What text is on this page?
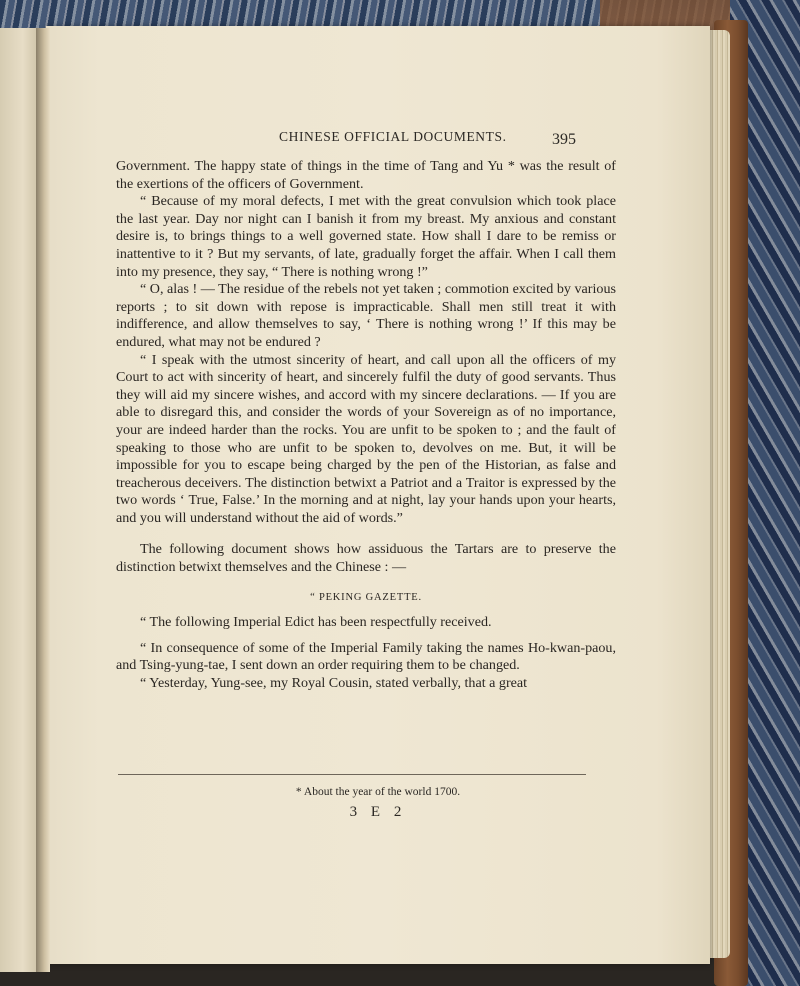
CHINESE OFFICIAL DOCUMENTS.	395

Government. The happy state of things in the time of Tang and Yu * was the result of the exertions of the officers of Government.

“ Because of my moral defects, I met with the great convulsion which took place the last year. Day nor night can I banish it from my breast. My anxious and constant desire is, to brings things to a well governed state. How shall I dare to be remiss or inattentive to it ? But my servants, of late, gradually forget the affair. When I call them into my presence, they say, “ There is nothing wrong !”

“ O, alas ! — The residue of the rebels not yet taken ; commotion excited by various reports ; to sit down with repose is impracticable. Shall men still treat it with indifference, and allow themselves to say, ‘ There is nothing wrong !’ If this may be endured, what may not be endured ?

“ I speak with the utmost sincerity of heart, and call upon all the officers of my Court to act with sincerity of heart, and sincerely fulfil the duty of good servants. Thus they will aid my sincere wishes, and accord with my sincere declarations. — If you are able to disregard this, and consider the words of your Sovereign as of no importance, your are indeed harder than the rocks. You are unfit to be spoken to ; and the fault of speaking to those who are unfit to be spoken to, devolves on me. But, it will be impossible for you to escape being charged by the pen of the Historian, as false and treacherous deceivers. The distinction betwixt a Patriot and a Traitor is expressed by the two words ‘ True, False.’ In the morning and at night, lay your hands upon your hearts, and you will understand without the aid of words.”

The following document shows how assiduous the Tartars are to preserve the distinction betwixt themselves and the Chinese : —

“ PEKING GAZETTE.

“ The following Imperial Edict has been respectfully received.

“ In consequence of some of the Imperial Family taking the names Ho-kwan-paou, and Tsing-yung-tae, I sent down an order requiring them to be changed.

“ Yesterday, Yung-see, my Royal Cousin, stated verbally, that a great

* About the year of the world 1700.
3 E 2
